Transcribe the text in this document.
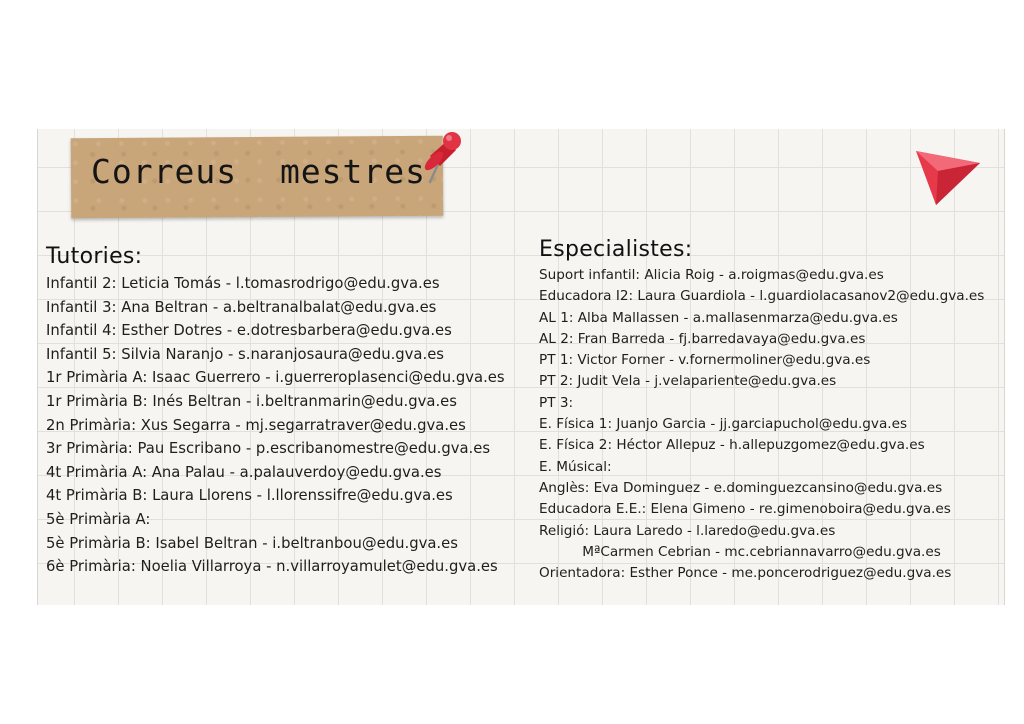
Correus mestres
Tutories:
Infantil 2: Leticia Tomás - l.tomasrodrigo@edu.gva.es
Infantil 3: Ana Beltran - a.beltranalbalat@edu.gva.es
Infantil 4: Esther Dotres - e.dotresbarbera@edu.gva.es
Infantil 5: Silvia Naranjo - s.naranjosaura@edu.gva.es
1r Primària A: Isaac Guerrero - i.guerreroplasenci@edu.gva.es
1r Primària B: Inés Beltran - i.beltranmarin@edu.gva.es
2n Primària: Xus Segarra - mj.segarratraver@edu.gva.es
3r Primària: Pau Escribano - p.escribanomestre@edu.gva.es
4t Primària A: Ana Palau - a.palauverdoy@edu.gva.es
4t Primària B: Laura Llorens - l.llorenssifre@edu.gva.es
5è Primària A:
5è Primària B: Isabel Beltran - i.beltranbou@edu.gva.es
6è Primària: Noelia Villarroya - n.villarroyamulet@edu.gva.es
Especialistes:
Suport infantil: Alicia Roig - a.roigmas@edu.gva.es
Educadora I2: Laura Guardiola - l.guardiolacasanov2@edu.gva.es
AL 1: Alba Mallassen - a.mallasenmarza@edu.gva.es
AL 2: Fran Barreda - fj.barredavaya@edu.gva.es
PT 1: Victor Forner - v.fornermoliner@edu.gva.es
PT 2: Judit Vela - j.velapariente@edu.gva.es
PT 3:
E. Física 1: Juanjo Garcia - jj.garciapuchol@edu.gva.es
E. Física 2: Héctor Allepuz - h.allepuzgomez@edu.gva.es
E. Músical:
Anglès: Eva Dominguez - e.dominguezcansino@edu.gva.es
Educadora E.E.: Elena Gimeno - re.gimenoboira@edu.gva.es
Religió: Laura Laredo - l.laredo@edu.gva.es
MªCarmen Cebrian - mc.cebriannavarro@edu.gva.es
Orientadora: Esther Ponce - me.poncerodriguez@edu.gva.es
